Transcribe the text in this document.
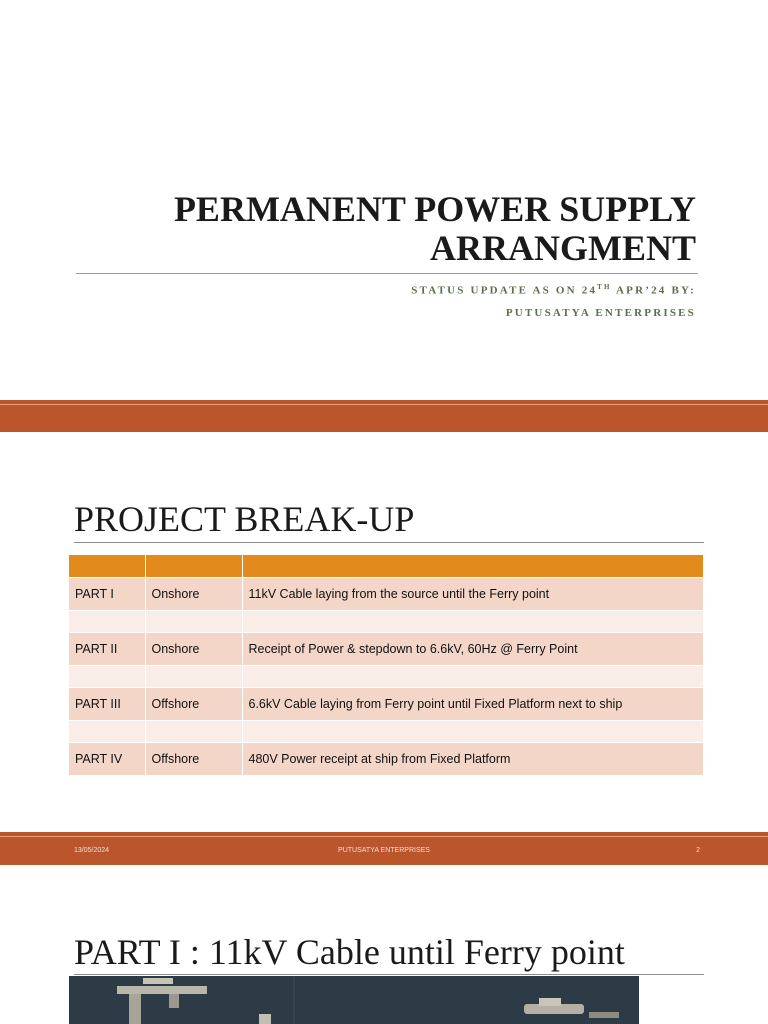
PERMANENT POWER SUPPLY
ARRANGMENT

STATUS UPDATE AS ON 24TH APR’24 BY:

PUTUSATYA ENTERPRISES

PROJECT BREAK-UP

PART I	Onshore	11kV Cable laying from the source until the Ferry point

PART II	Onshore	Receipt of Power & stepdown to 6.6kV, 60Hz @ Ferry Point

PART III	Offshore	6.6kV Cable laying from Ferry point until Fixed Platform next to ship

PART IV	Offshore	480V Power receipt at ship from Fixed Platform

13/05/2024	PUTUSATYA ENTERPRISES	2

PART I : 11kV Cable until Ferry point
